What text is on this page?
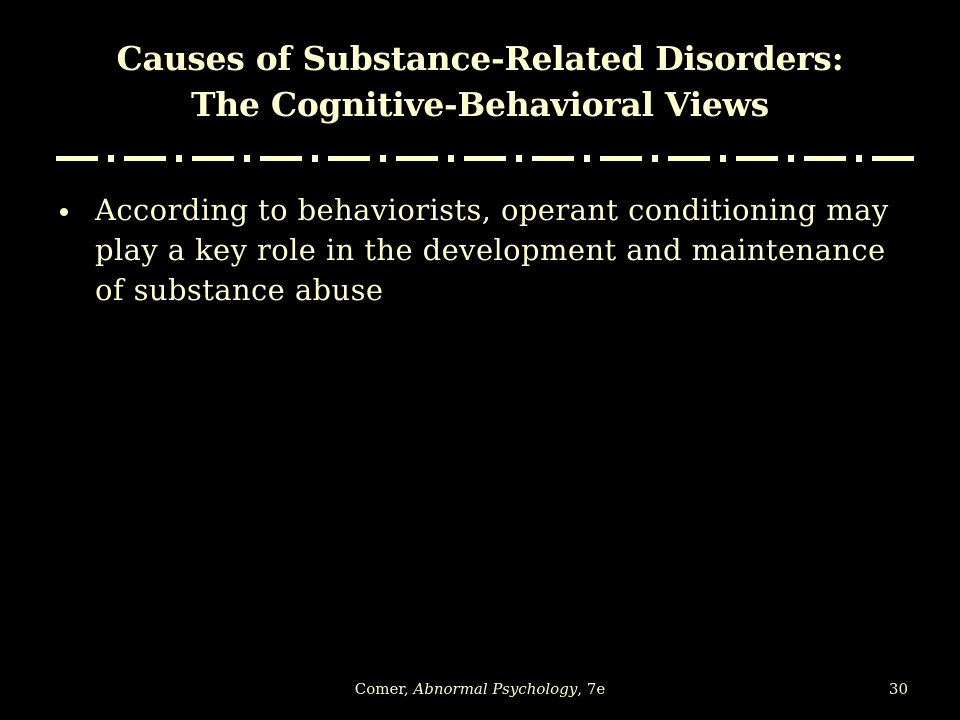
Causes of Substance-Related Disorders:
The Cognitive-Behavioral Views
According to behaviorists, operant conditioning may play a key role in the development and maintenance of substance abuse
Comer, Abnormal Psychology, 7e	30
